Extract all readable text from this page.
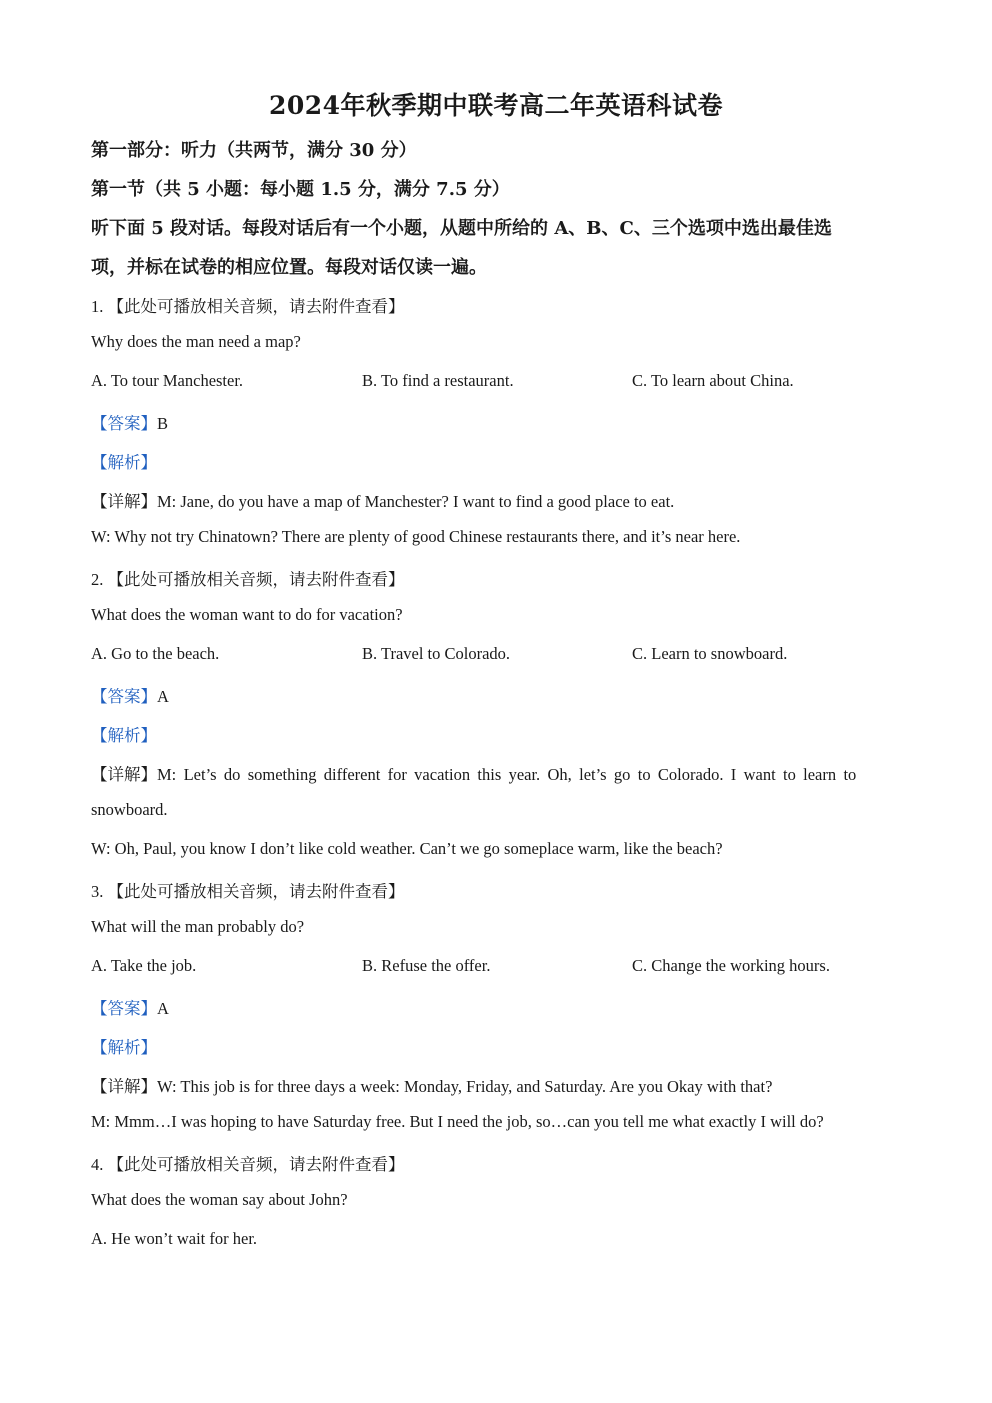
2024年秋季期中联考高二年英语科试卷
第一部分：听力（共两节，满分 30 分）
第一节（共 5 小题：每小题 1.5 分，满分 7.5 分）
听下面 5 段对话。每段对话后有一个小题，从题中所给的 A、B、C、三个选项中选出最佳选
项，并标在试卷的相应位置。每段对话仅读一遍。
1. 【此处可播放相关音频，请去附件查看】
Why does the man need a map?
A. To tour Manchester.	B. To find a restaurant.	C. To learn about China.
【答案】B
【解析】
【详解】M: Jane, do you have a map of Manchester? I want to find a good place to eat.
W: Why not try Chinatown? There are plenty of good Chinese restaurants there, and it’s near here.
2. 【此处可播放相关音频，请去附件查看】
What does the woman want to do for vacation?
A. Go to the beach.	B. Travel to Colorado.	C. Learn to snowboard.
【答案】A
【解析】
【详解】M: Let’s do something different for vacation this year. Oh, let’s go to Colorado. I want to learn to
snowboard.
W: Oh, Paul, you know I don’t like cold weather. Can’t we go someplace warm, like the beach?
3. 【此处可播放相关音频，请去附件查看】
What will the man probably do?
A. Take the job.	B. Refuse the offer.	C. Change the working hours.
【答案】A
【解析】
【详解】W: This job is for three days a week: Monday, Friday, and Saturday. Are you Okay with that?
M: Mmm…I was hoping to have Saturday free. But I need the job, so…can you tell me what exactly I will do?
4. 【此处可播放相关音频，请去附件查看】
What does the woman say about John?
A. He won’t wait for her.
